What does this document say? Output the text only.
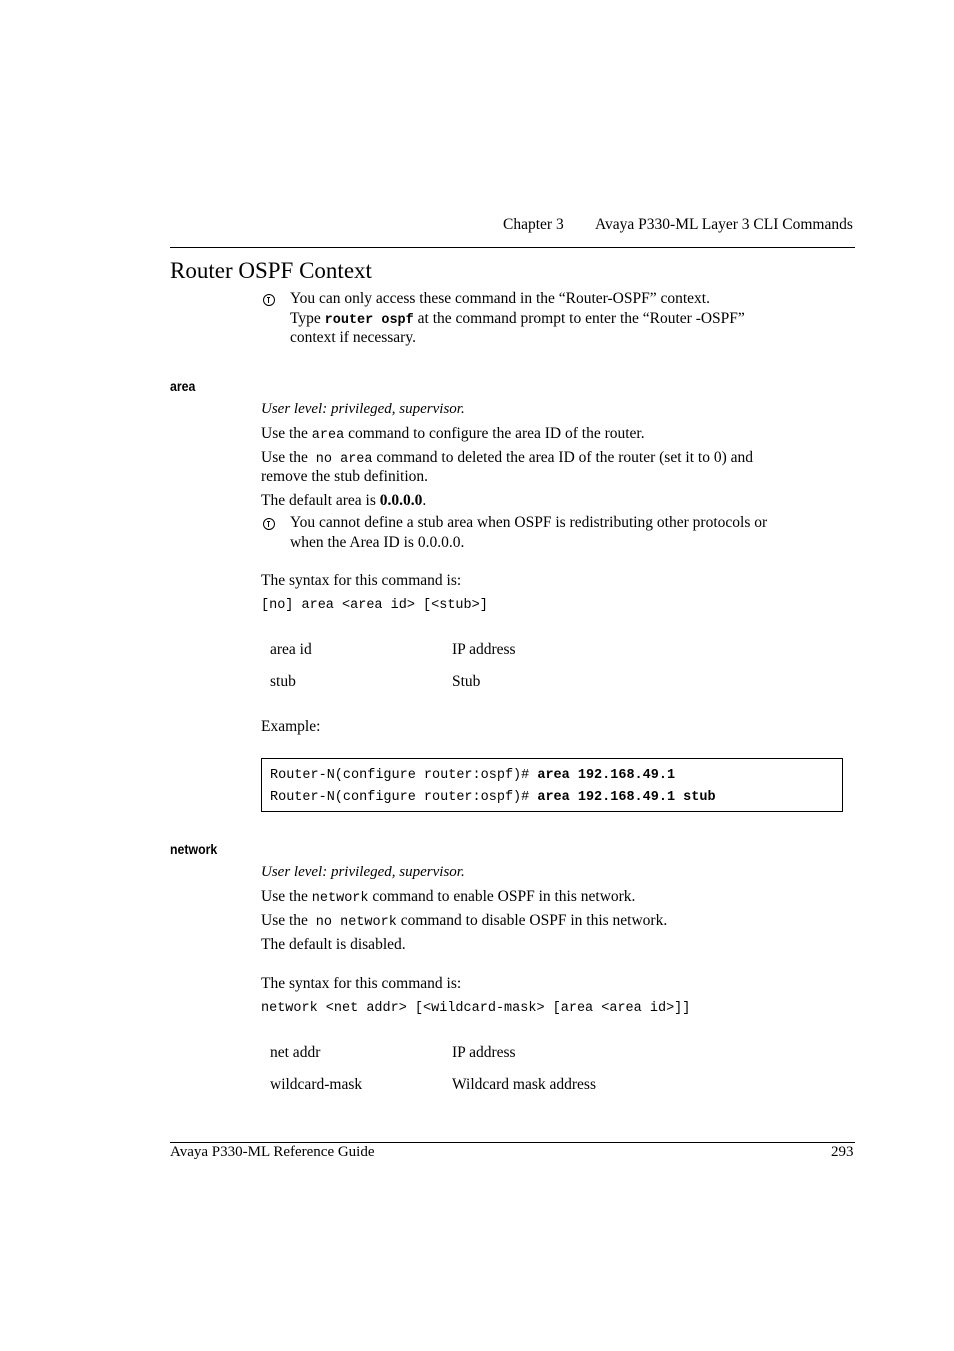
Chapter 3 Avaya P330-ML Layer 3 CLI Commands
Router OSPF Context
You can only access these command in the “Router-OSPF” context.
Type router ospf at the command prompt to enter the “Router -OSPF”
context if necessary.
area
User level: privileged, supervisor.
Use the area command to configure the area ID of the router.
Use the no area command to deleted the area ID of the router (set it to 0) and
remove the stub definition.
The default area is 0.0.0.0.
You cannot define a stub area when OSPF is redistributing other protocols or
when the Area ID is 0.0.0.0.
The syntax for this command is:
[no] area <area id> [<stub>]
area id	IP address
stub	Stub
Example:
Router-N(configure router:ospf)# area 192.168.49.1
Router-N(configure router:ospf)# area 192.168.49.1 stub
network
User level: privileged, supervisor.
Use the network command to enable OSPF in this network.
Use the no network command to disable OSPF in this network.
The default is disabled.
The syntax for this command is:
network <net addr> [<wildcard-mask> [area <area id>]]
net addr	IP address
wildcard-mask	Wildcard mask address
Avaya P330-ML Reference Guide	293
